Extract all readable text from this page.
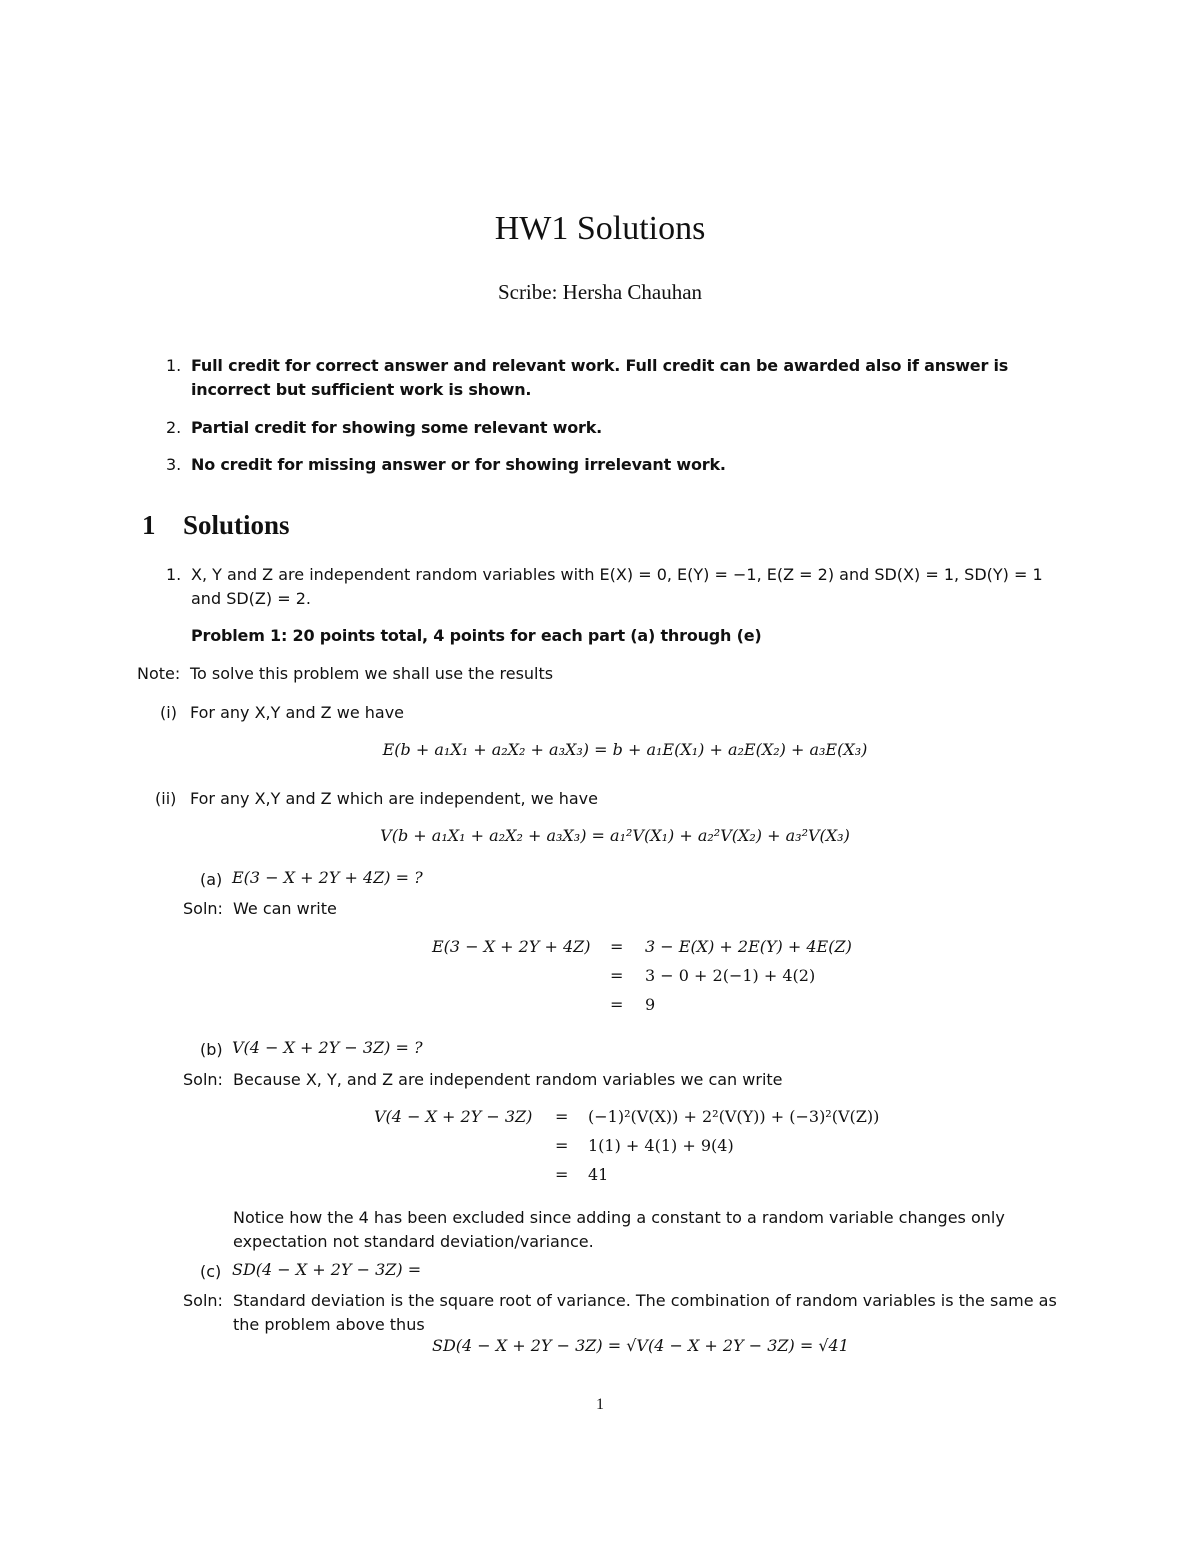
HW1 Solutions
Scribe: Hersha Chauhan
1. Full credit for correct answer and relevant work. Full credit can be awarded also if answer is incorrect but sufficient work is shown.
2. Partial credit for showing some relevant work.
3. No credit for missing answer or for showing irrelevant work.
1 Solutions
1. X, Y and Z are independent random variables with E(X) = 0, E(Y) = −1, E(Z = 2) and SD(X) = 1, SD(Y) = 1 and SD(Z) = 2.
Problem 1: 20 points total, 4 points for each part (a) through (e)
Note: To solve this problem we shall use the results
(i) For any X,Y and Z we have
E(b + a₁X₁ + a₂X₂ + a₃X₃) = b + a₁E(X₁) + a₂E(X₂) + a₃E(X₃)
(ii) For any X,Y and Z which are independent, we have
V(b + a₁X₁ + a₂X₂ + a₃X₃) = a₁²V(X₁) + a₂²V(X₂) + a₃²V(X₃)
(a) E(3 − X + 2Y + 4Z) = ?
Soln: We can write
E(3 − X + 2Y + 4Z) = 3 − E(X) + 2E(Y) + 4E(Z)
= 3 − 0 + 2(−1) + 4(2)
= 9
(b) V(4 − X + 2Y − 3Z) = ?
Soln: Because X, Y, and Z are independent random variables we can write
V(4 − X + 2Y − 3Z) = (−1)²(V(X)) + 2²(V(Y)) + (−3)²(V(Z))
= 1(1) + 4(1) + 9(4)
= 41
Notice how the 4 has been excluded since adding a constant to a random variable changes only expectation not standard deviation/variance.
(c) SD(4 − X + 2Y − 3Z) =
Soln: Standard deviation is the square root of variance. The combination of random variables is the same as the problem above thus
SD(4 − X + 2Y − 3Z) = √V(4 − X + 2Y − 3Z) = √41
1
